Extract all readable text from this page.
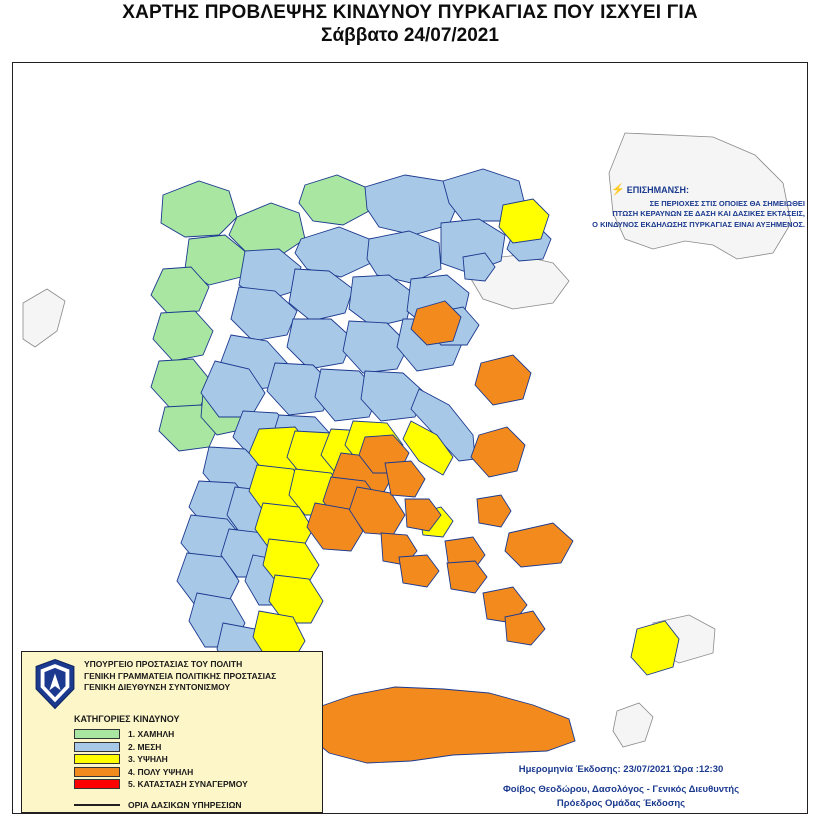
ΧΑΡΤΗΣ ΠΡΟΒΛΕΨΗΣ ΚΙΝΔΥΝΟΥ ΠΥΡΚΑΓΙΑΣ ΠΟΥ ΙΣΧΥΕΙ ΓΙΑ
Σάββατο 24/07/2021
⚡ ΕΠΙΣΗΜΑΝΣΗ:
ΣΕ ΠΕΡΙΟΧΕΣ ΣΤΙΣ ΟΠΟΙΕΣ ΘΑ ΣΗΜΕΙΩΘΕΙ
ΠΤΩΣΗ ΚΕΡΑΥΝΩΝ ΣΕ ΔΑΣΗ ΚΑΙ ΔΑΣΙΚΕΣ ΕΚΤΑΣΕΙΣ,
Ο ΚΙΝΔΥΝΟΣ ΕΚΔΗΛΩΣΗΣ ΠΥΡΚΑΓΙΑΣ ΕΙΝΑΙ ΑΥΞΗΜΕΝΟΣ.
ΥΠΟΥΡΓΕΙΟ ΠΡΟΣΤΑΣΙΑΣ ΤΟΥ ΠΟΛΙΤΗ
ΓΕΝΙΚΗ ΓΡΑΜΜΑΤΕΙΑ ΠΟΛΙΤΙΚΗΣ ΠΡΟΣΤΑΣΙΑΣ
ΓΕΝΙΚΗ ΔΙΕΥΘΥΝΣΗ ΣΥΝΤΟΝΙΣΜΟΥ
ΚΑΤΗΓΟΡΙΕΣ ΚΙΝΔΥΝΟΥ
1. ΧΑΜΗΛΗ
2. ΜΕΣΗ
3. ΥΨΗΛΗ
4. ΠΟΛΥ ΥΨΗΛΗ
5. ΚΑΤΑΣΤΑΣΗ ΣΥΝΑΓΕΡΜΟΥ
ΟΡΙΑ ΔΑΣΙΚΩΝ ΥΠΗΡΕΣΙΩΝ
Ημερομηνία Έκδοσης: 23/07/2021 Ώρα :12:30
Φοίβος Θεοδώρου, Δασολόγος - Γενικός Διευθυντής
Πρόεδρος Ομάδας Έκδοσης
